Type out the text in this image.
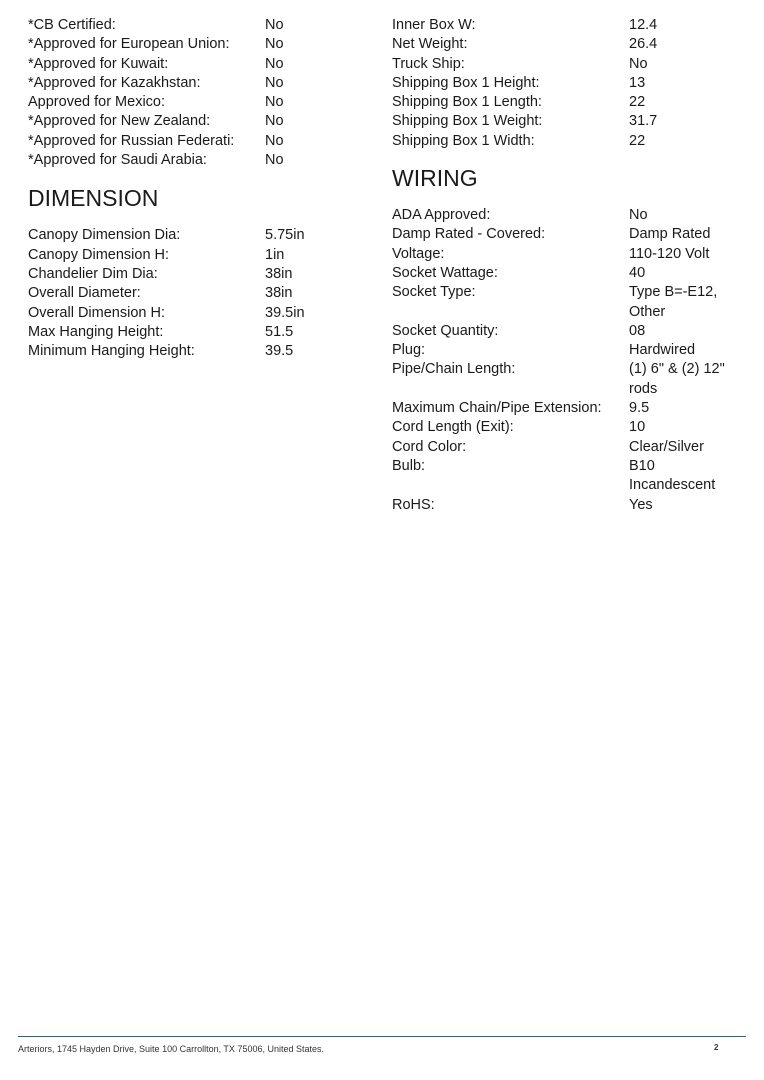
*CB Certified:	No
*Approved for European Union:	No
*Approved for Kuwait:	No
*Approved for Kazakhstan:	No
Approved for Mexico:	No
*Approved for New Zealand:	No
*Approved for Russian Federati:	No
*Approved for Saudi Arabia:	No
DIMENSION
Canopy Dimension Dia:	5.75in
Canopy Dimension H:	1in
Chandelier Dim Dia:	38in
Overall Diameter:	38in
Overall Dimension H:	39.5in
Max Hanging Height:	51.5
Minimum Hanging Height:	39.5
Inner Box W:	12.4
Net Weight:	26.4
Truck Ship:	No
Shipping Box 1 Height:	13
Shipping Box 1 Length:	22
Shipping Box 1 Weight:	31.7
Shipping Box 1 Width:	22
WIRING
ADA Approved:	No
Damp Rated - Covered:	Damp Rated
Voltage:	110-120 Volt
Socket Wattage:	40
Socket Type:	Type B=-E12,
Other
Socket Quantity:	08
Plug:	Hardwired
Pipe/Chain Length:	(1) 6" & (2) 12"
rods
Maximum Chain/Pipe Extension:	9.5
Cord Length (Exit):	10
Cord Color:	Clear/Silver
Bulb:	B10
Incandescent
RoHS:	Yes
Arteriors, 1745 Hayden Drive, Suite 100 Carrollton, TX 75006, United States.	2
